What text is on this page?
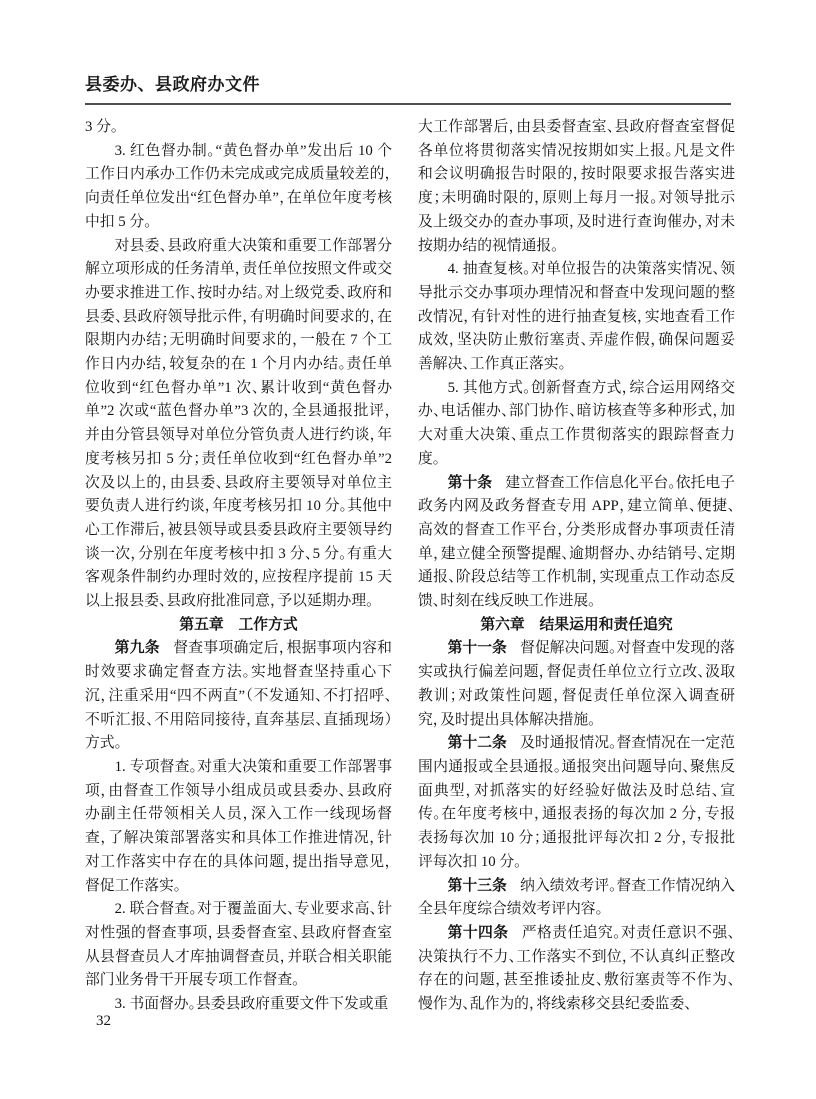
县委办、县政府办文件

3 分。

3. 红色督办制。“黄色督办单”发出后 10 个工作日内承办工作仍未完成或完成质量较差的，向责任单位发出“红色督办单”，在单位年度考核中扣 5 分。

对县委、县政府重大决策和重要工作部署分解立项形成的任务清单，责任单位按照文件或交办要求推进工作、按时办结。对上级党委、政府和县委、县政府领导批示件，有明确时间要求的，在限期内办结；无明确时间要求的，一般在 7 个工作日内办结，较复杂的在 1 个月内办结。责任单位收到“红色督办单”1 次、累计收到“黄色督办单”2 次或“蓝色督办单”3 次的，全县通报批评，并由分管县领导对单位分管负责人进行约谈，年度考核另扣 5 分；责任单位收到“红色督办单”2 次及以上的，由县委、县政府主要领导对单位主要负责人进行约谈，年度考核另扣 10 分。其他中心工作滞后，被县领导或县委县政府主要领导约谈一次，分别在年度考核中扣 3 分、5 分。有重大客观条件制约办理时效的，应按程序提前 15 天以上报县委、县政府批准同意，予以延期办理。

第五章　工作方式

第九条 督查事项确定后，根据事项内容和时效要求确定督查方法。实地督查坚持重心下沉，注重采用“四不两直”（不发通知、不打招呼、不听汇报、不用陪同接待，直奔基层、直插现场）方式。

1. 专项督查。对重大决策和重要工作部署事项，由督查工作领导小组成员或县委办、县政府办副主任带领相关人员，深入工作一线现场督查，了解决策部署落实和具体工作推进情况，针对工作落实中存在的具体问题，提出指导意见，督促工作落实。

2. 联合督查。对于覆盖面大、专业要求高、针对性强的督查事项，县委督查室、县政府督查室从县督查员人才库抽调督查员，并联合相关职能部门业务骨干开展专项工作督查。

3. 书面督办。县委县政府重要文件下发或重

大工作部署后，由县委督查室、县政府督查室督促各单位将贯彻落实情况按期如实上报。凡是文件和会议明确报告时限的，按时限要求报告落实进度；未明确时限的，原则上每月一报。对领导批示及上级交办的查办事项，及时进行查询催办，对未按期办结的视情通报。

4. 抽查复核。对单位报告的决策落实情况、领导批示交办事项办理情况和督查中发现问题的整改情况，有针对性的进行抽查复核，实地查看工作成效，坚决防止敷衍塞责、弄虚作假，确保问题妥善解决、工作真正落实。

5. 其他方式。创新督查方式，综合运用网络交办、电话催办、部门协作、暗访核查等多种形式，加大对重大决策、重点工作贯彻落实的跟踪督查力度。

第十条 建立督查工作信息化平台。依托电子政务内网及政务督查专用 APP，建立简单、便捷、高效的督查工作平台，分类形成督办事项责任清单，建立健全预警提醒、逾期督办、办结销号、定期通报、阶段总结等工作机制，实现重点工作动态反馈、时刻在线反映工作进展。

第六章　结果运用和责任追究

第十一条 督促解决问题。对督查中发现的落实或执行偏差问题，督促责任单位立行立改、汲取教训；对政策性问题，督促责任单位深入调查研究，及时提出具体解决措施。

第十二条 及时通报情况。督查情况在一定范围内通报或全县通报。通报突出问题导向、聚焦反面典型，对抓落实的好经验好做法及时总结、宣传。在年度考核中，通报表扬的每次加 2 分，专报表扬每次加 10 分；通报批评每次扣 2 分，专报批评每次扣 10 分。

第十三条 纳入绩效考评。督查工作情况纳入全县年度综合绩效考评内容。

第十四条 严格责任追究。对责任意识不强、决策执行不力、工作落实不到位，不认真纠正整改存在的问题，甚至推诿扯皮、敷衍塞责等不作为、慢作为、乱作为的，将线索移交县纪委监委、

32
